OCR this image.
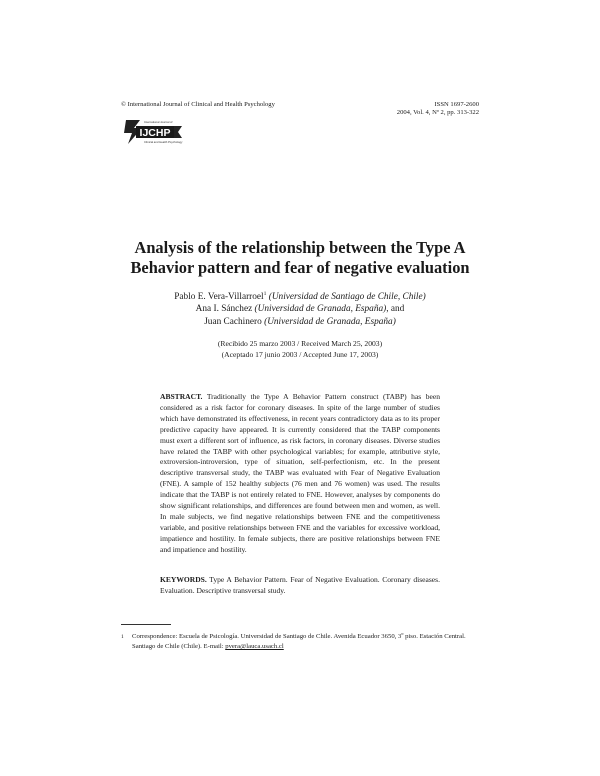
© International Journal of Clinical and Health Psychology	ISSN 1697-2600
2004, Vol. 4, Nº 2, pp. 313-322
IJCHP
International Journal of
Clinical and Health Psychology
Analysis of the relationship between the Type A
Behavior pattern and fear of negative evaluation
Pablo E. Vera-Villarroel$^1$ (Universidad de Santiago de Chile, Chile)
Ana I. Sánchez (Universidad de Granada, España), and
Juan Cachinero (Universidad de Granada, España)
(Recibido 25 marzo 2003 / Received March 25, 2003)
(Aceptado 17 junio 2003 / Accepted June 17, 2003)
ABSTRACT. Traditionally the Type A Behavior Pattern construct (TABP) has been considered as a risk factor for coronary diseases. In spite of the large number of studies which have demonstrated its effectiveness, in recent years contradictory data as to its proper predictive capacity have appeared. It is currently considered that the TABP components must exert a different sort of influence, as risk factors, in coronary diseases. Diverse studies have related the TABP with other psychological variables; for example, attributive style, extroversion-introversion, type of situation, self-perfectionism, etc. In the present descriptive transversal study, the TABP was evaluated with Fear of Negative Evaluation (FNE). A sample of 152 healthy subjects (76 men and 76 women) was used. The results indicate that the TABP is not entirely related to FNE. However, analyses by components do show significant relationships, and differences are found between men and women, as well. In male subjects, we find negative relationships between FNE and the competitiveness variable, and positive relationships between FNE and the variables for excessive workload, impatience and hostility. In female subjects, there are positive relationships between FNE and impatience and hostility.
KEYWORDS. Type A Behavior Pattern. Fear of Negative Evaluation. Coronary diseases. Evaluation. Descriptive transversal study.
1	Correspondence: Escuela de Psicología. Universidad de Santiago de Chile. Avenida Ecuador 3650, 3º piso. Estación Central. Santiago de Chile (Chile). E-mail: pvera@lauca.usach.cl
